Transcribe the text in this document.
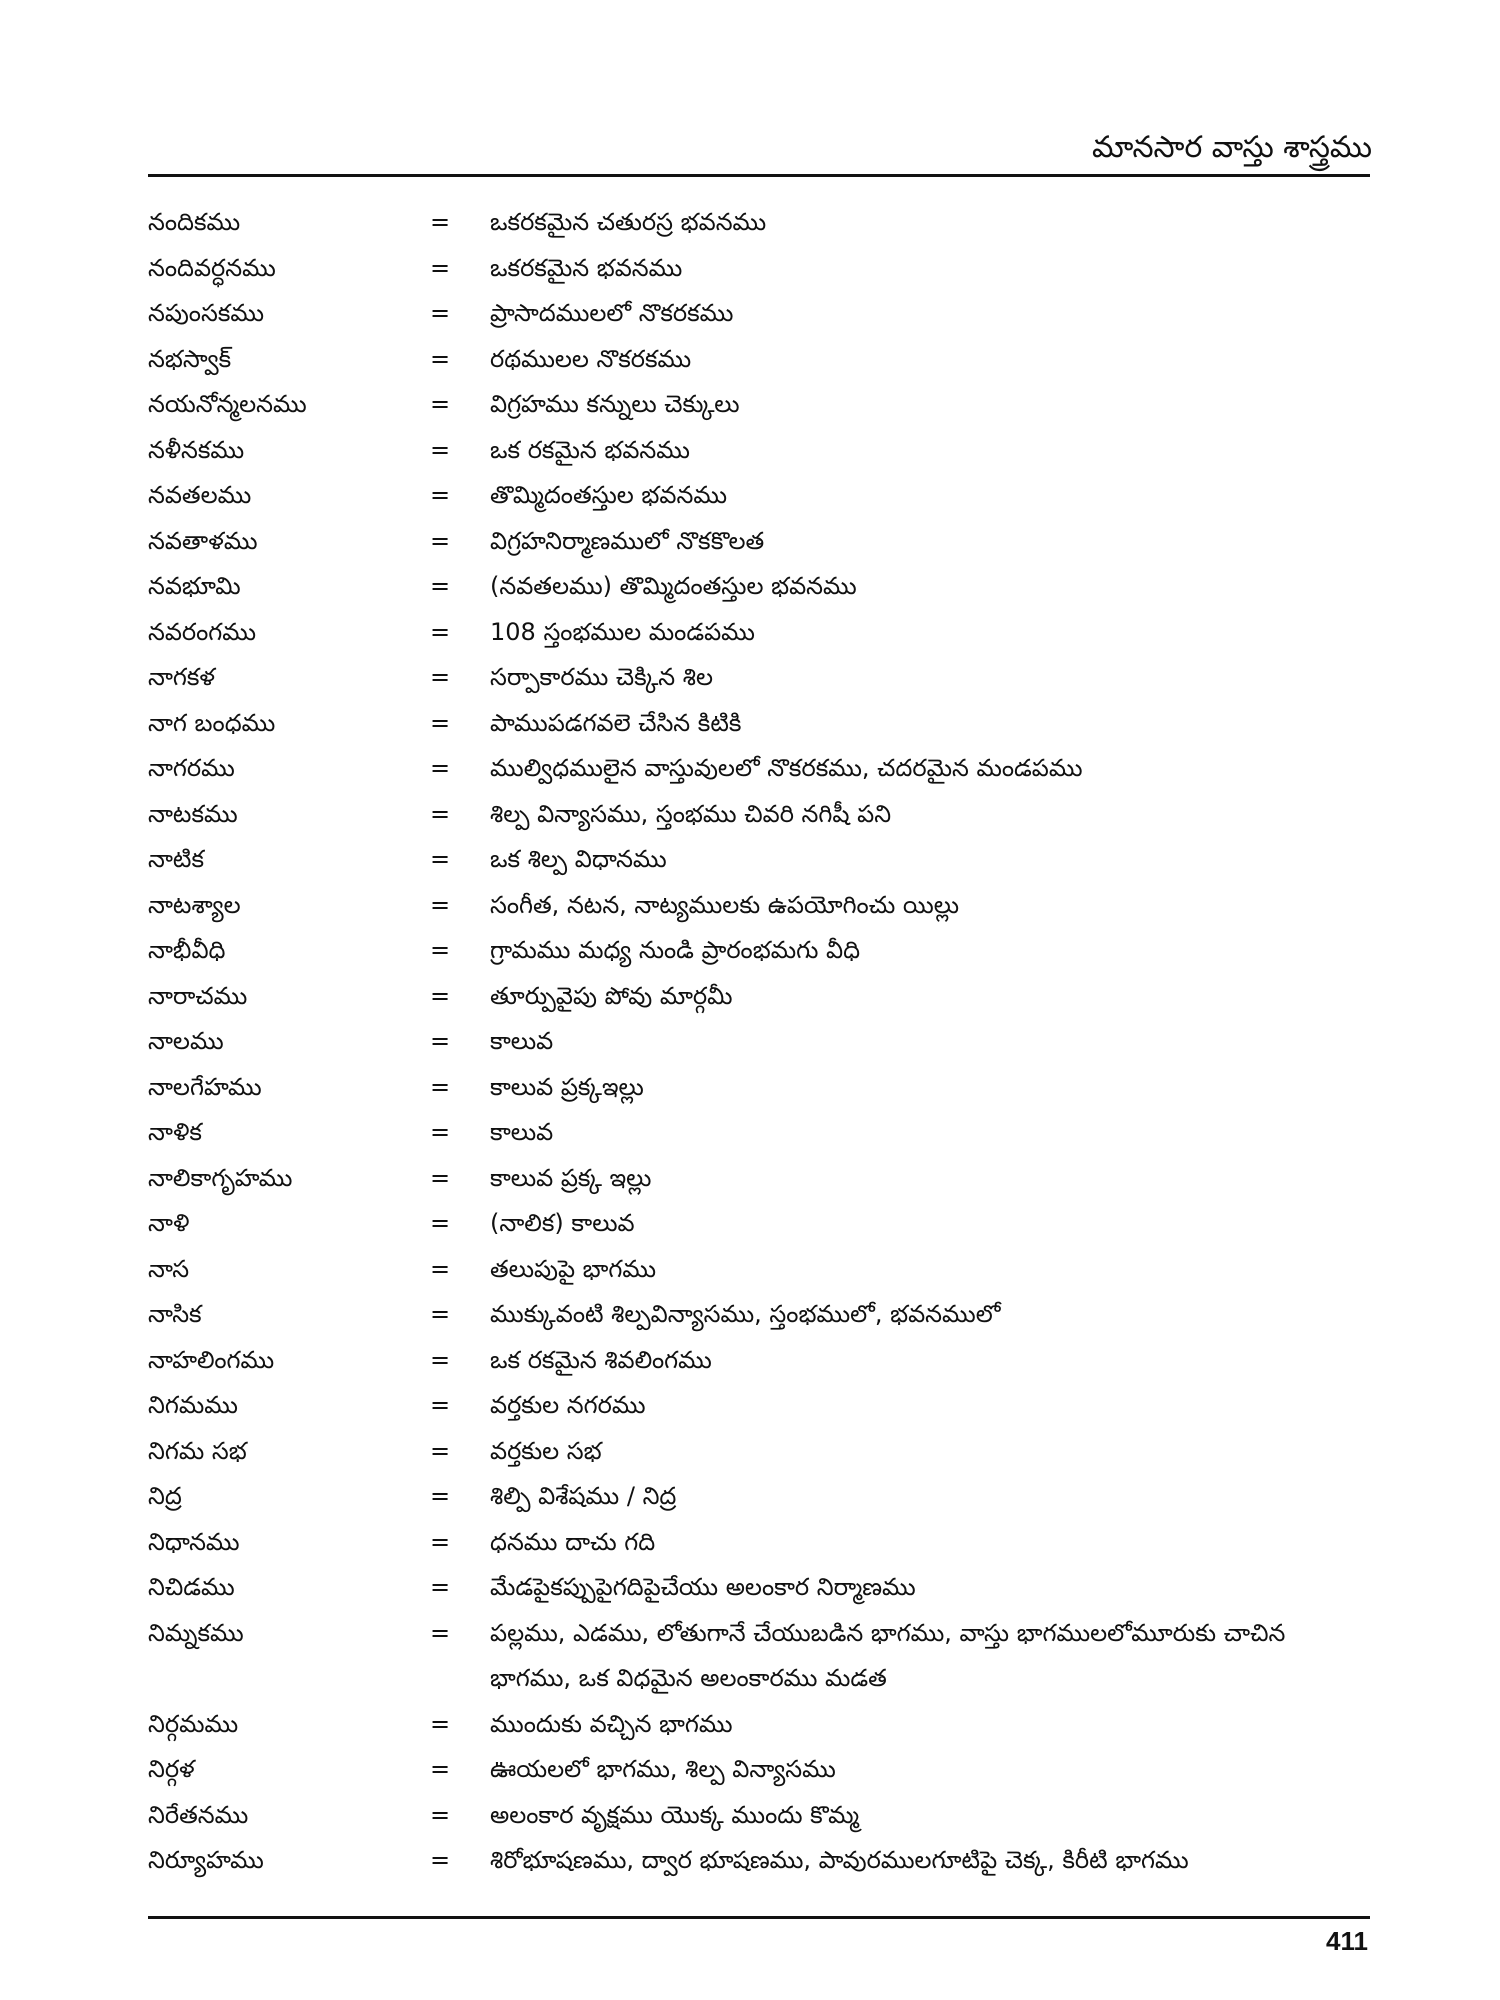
మానసార వాస్తు శాస్త్రము
నందికము	=	ఒకరకమైన చతురస్ర భవనము
నందివర్ధనము	=	ఒకరకమైన భవనము
నపుంసకము	=	ప్రాసాదములలో నొకరకము
నభస్వాక్	=	రథములల నొకరకము
నయనోన్మలనము	=	విగ్రహము కన్నులు చెక్కులు
నళీనకము	=	ఒక రకమైన భవనము
నవతలము	=	తొమ్మిదంతస్తుల భవనము
నవతాళము	=	విగ్రహనిర్మాణములో నొకకొలత
నవభూమి	=	(నవతలము) తొమ్మిదంతస్తుల భవనము
నవరంగము	=	108 స్తంభముల మండపము
నాగకళ	=	సర్పాకారము చెక్కిన శిల
నాగ బంధము	=	పాముపడగవలె చేసిన కిటికి
నాగరము	=	ముల్విధములైన వాస్తువులలో నొకరకము, చదరమైన మండపము
నాటకము	=	శిల్ప విన్యాసము, స్తంభము చివరి నగిషీ పని
నాటిక	=	ఒక శిల్ప విధానము
నాటశ్యాల	=	సంగీత, నటన, నాట్యములకు ఉపయోగించు యిల్లు
నాభీవీధి	=	గ్రామము మధ్య నుండి ప్రారంభమగు వీధి
నారాచము	=	తూర్పువైపు పోవు మార్గమీ
నాలము	=	కాలువ
నాలగేహము	=	కాలువ ప్రక్కఇల్లు
నాళిక	=	కాలువ
నాలికాగృహము	=	కాలువ ప్రక్క ఇల్లు
నాళి	=	(నాలిక) కాలువ
నాస	=	తలుపుపై భాగము
నాసిక	=	ముక్కువంటి శిల్పవిన్యాసము, స్తంభములో, భవనములో
నాహలింగము	=	ఒక రకమైన శివలింగము
నిగమము	=	వర్తకుల నగరము
నిగమ సభ	=	వర్తకుల సభ
నిద్ర	=	శిల్పి విశేషము / నిద్ర
నిధానము	=	ధనము దాచు గది
నిచిడము	=	మేడపైకప్పుపైగదిపైచేయు అలంకార నిర్మాణము
నిమ్నకము	=	పల్లము, ఎడము, లోతుగానే చేయుబడిన భాగము, వాస్తు భాగములలోమూరుకు చాచిన భాగము, ఒక విధమైన అలంకారము మడత
నిర్గమము	=	ముందుకు వచ్చిన భాగము
నిర్గళ	=	ఊయలలో భాగము, శిల్ప విన్యాసము
నిరేతనము	=	అలంకార వృక్షము యొక్క ముందు కొమ్మ
నిర్యూహము	=	శిరోభూషణము, ద్వార భూషణము, పావురములగూటిపై చెక్క, కిరీటి భాగము
411
